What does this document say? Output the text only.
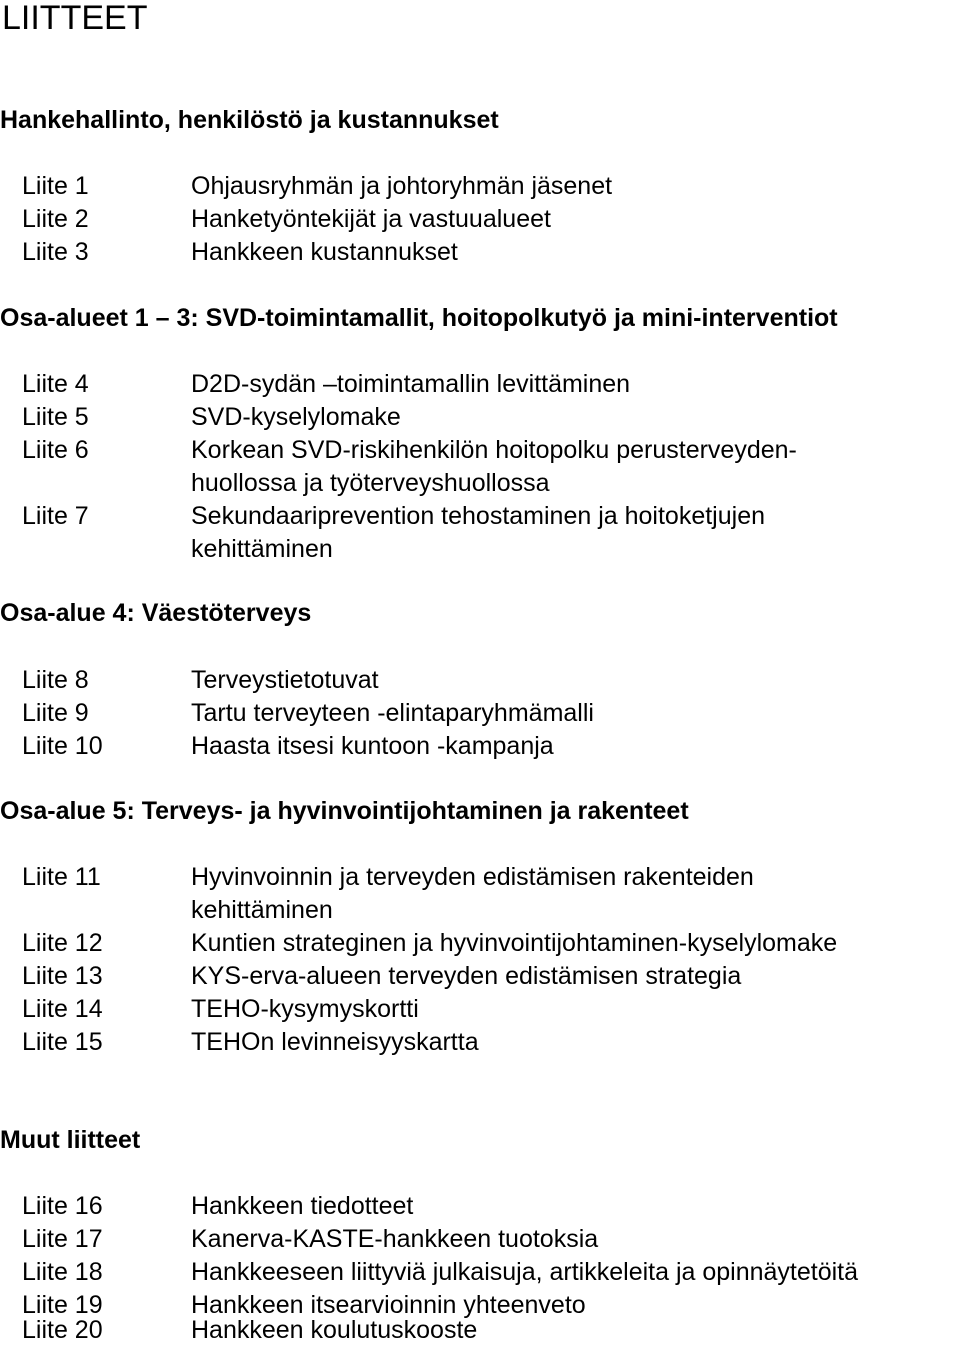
LIITTEET
Hankehallinto, henkilöstö ja kustannukset
Liite 1	Ohjausryhmän ja johtoryhmän jäsenet
Liite 2	Hanketyöntekijät ja vastuualueet
Liite 3	Hankkeen kustannukset
Osa-alueet 1 – 3: SVD-toimintamallit, hoitopolkutyö ja mini-interventiot
Liite 4	D2D-sydän –toimintamallin levittäminen
Liite 5	SVD-kyselylomake
Liite 6	Korkean SVD-riskihenkilön hoitopolku perusterveyden-
huollossa ja työterveyshuollossa
Liite 7	Sekundaariprevention tehostaminen ja hoitoketjujen
kehittäminen
Osa-alue 4: Väestöterveys
Liite 8	Terveystietotuvat
Liite 9	Tartu terveyteen -elintaparyhmämalli
Liite 10	Haasta itsesi kuntoon -kampanja
Osa-alue 5: Terveys- ja hyvinvointijohtaminen ja rakenteet
Liite 11	Hyvinvoinnin ja terveyden edistämisen rakenteiden
kehittäminen
Liite 12	Kuntien strateginen ja hyvinvointijohtaminen-kyselylomake
Liite 13	KYS-erva-alueen terveyden edistämisen strategia
Liite 14	TEHO-kysymyskortti
Liite 15	TEHOn levinneisyyskartta
Muut liitteet
Liite 16	Hankkeen tiedotteet
Liite 17	Kanerva-KASTE-hankkeen tuotoksia
Liite 18	Hankkeeseen liittyviä julkaisuja, artikkeleita ja opinnäytetöitä
Liite 19	Hankkeen itsearvioinnin yhteenveto
Liite 20	Hankkeen koulutuskooste
